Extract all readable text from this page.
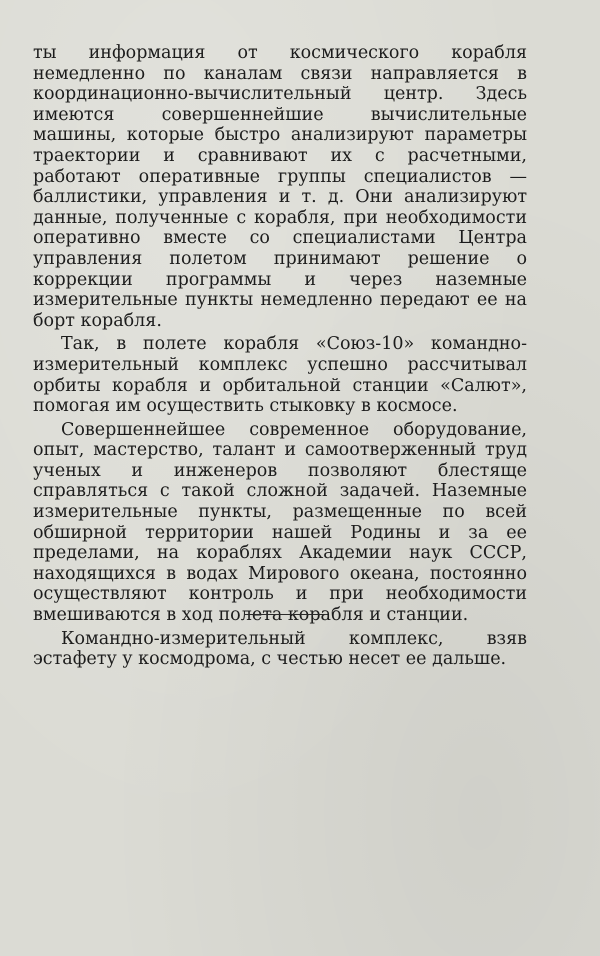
ты информация от космического корабля немедленно по каналам связи направляется в координационно-вычислительный центр. Здесь имеются совершеннейшие вычислительные машины, которые быстро анализируют параметры траектории и сравнивают их с расчетными, работают оперативные группы специалистов — баллистики, управления и т. д. Они анализируют данные, полученные с корабля, при необходимости оперативно вместе со специалистами Центра управления полетом принимают решение о коррекции программы и через наземные измерительные пункты немедленно передают ее на борт корабля.

Так, в полете корабля «Союз-10» командно-измерительный комплекс успешно рассчитывал орбиты корабля и орбитальной станции «Салют», помогая им осуществить стыковку в космосе.

Совершеннейшее современное оборудование, опыт, мастерство, талант и самоотверженный труд ученых и инженеров позволяют блестяще справляться с такой сложной задачей. Наземные измерительные пункты, размещенные по всей обширной территории нашей Родины и за ее пределами, на кораблях Академии наук СССР, находящихся в водах Мирового океана, постоянно осуществляют контроль и при необходимости вмешиваются в ход полета корабля и станции.

Командно-измерительный комплекс, взяв эстафету у космодрома, с честью несет ее дальше.
